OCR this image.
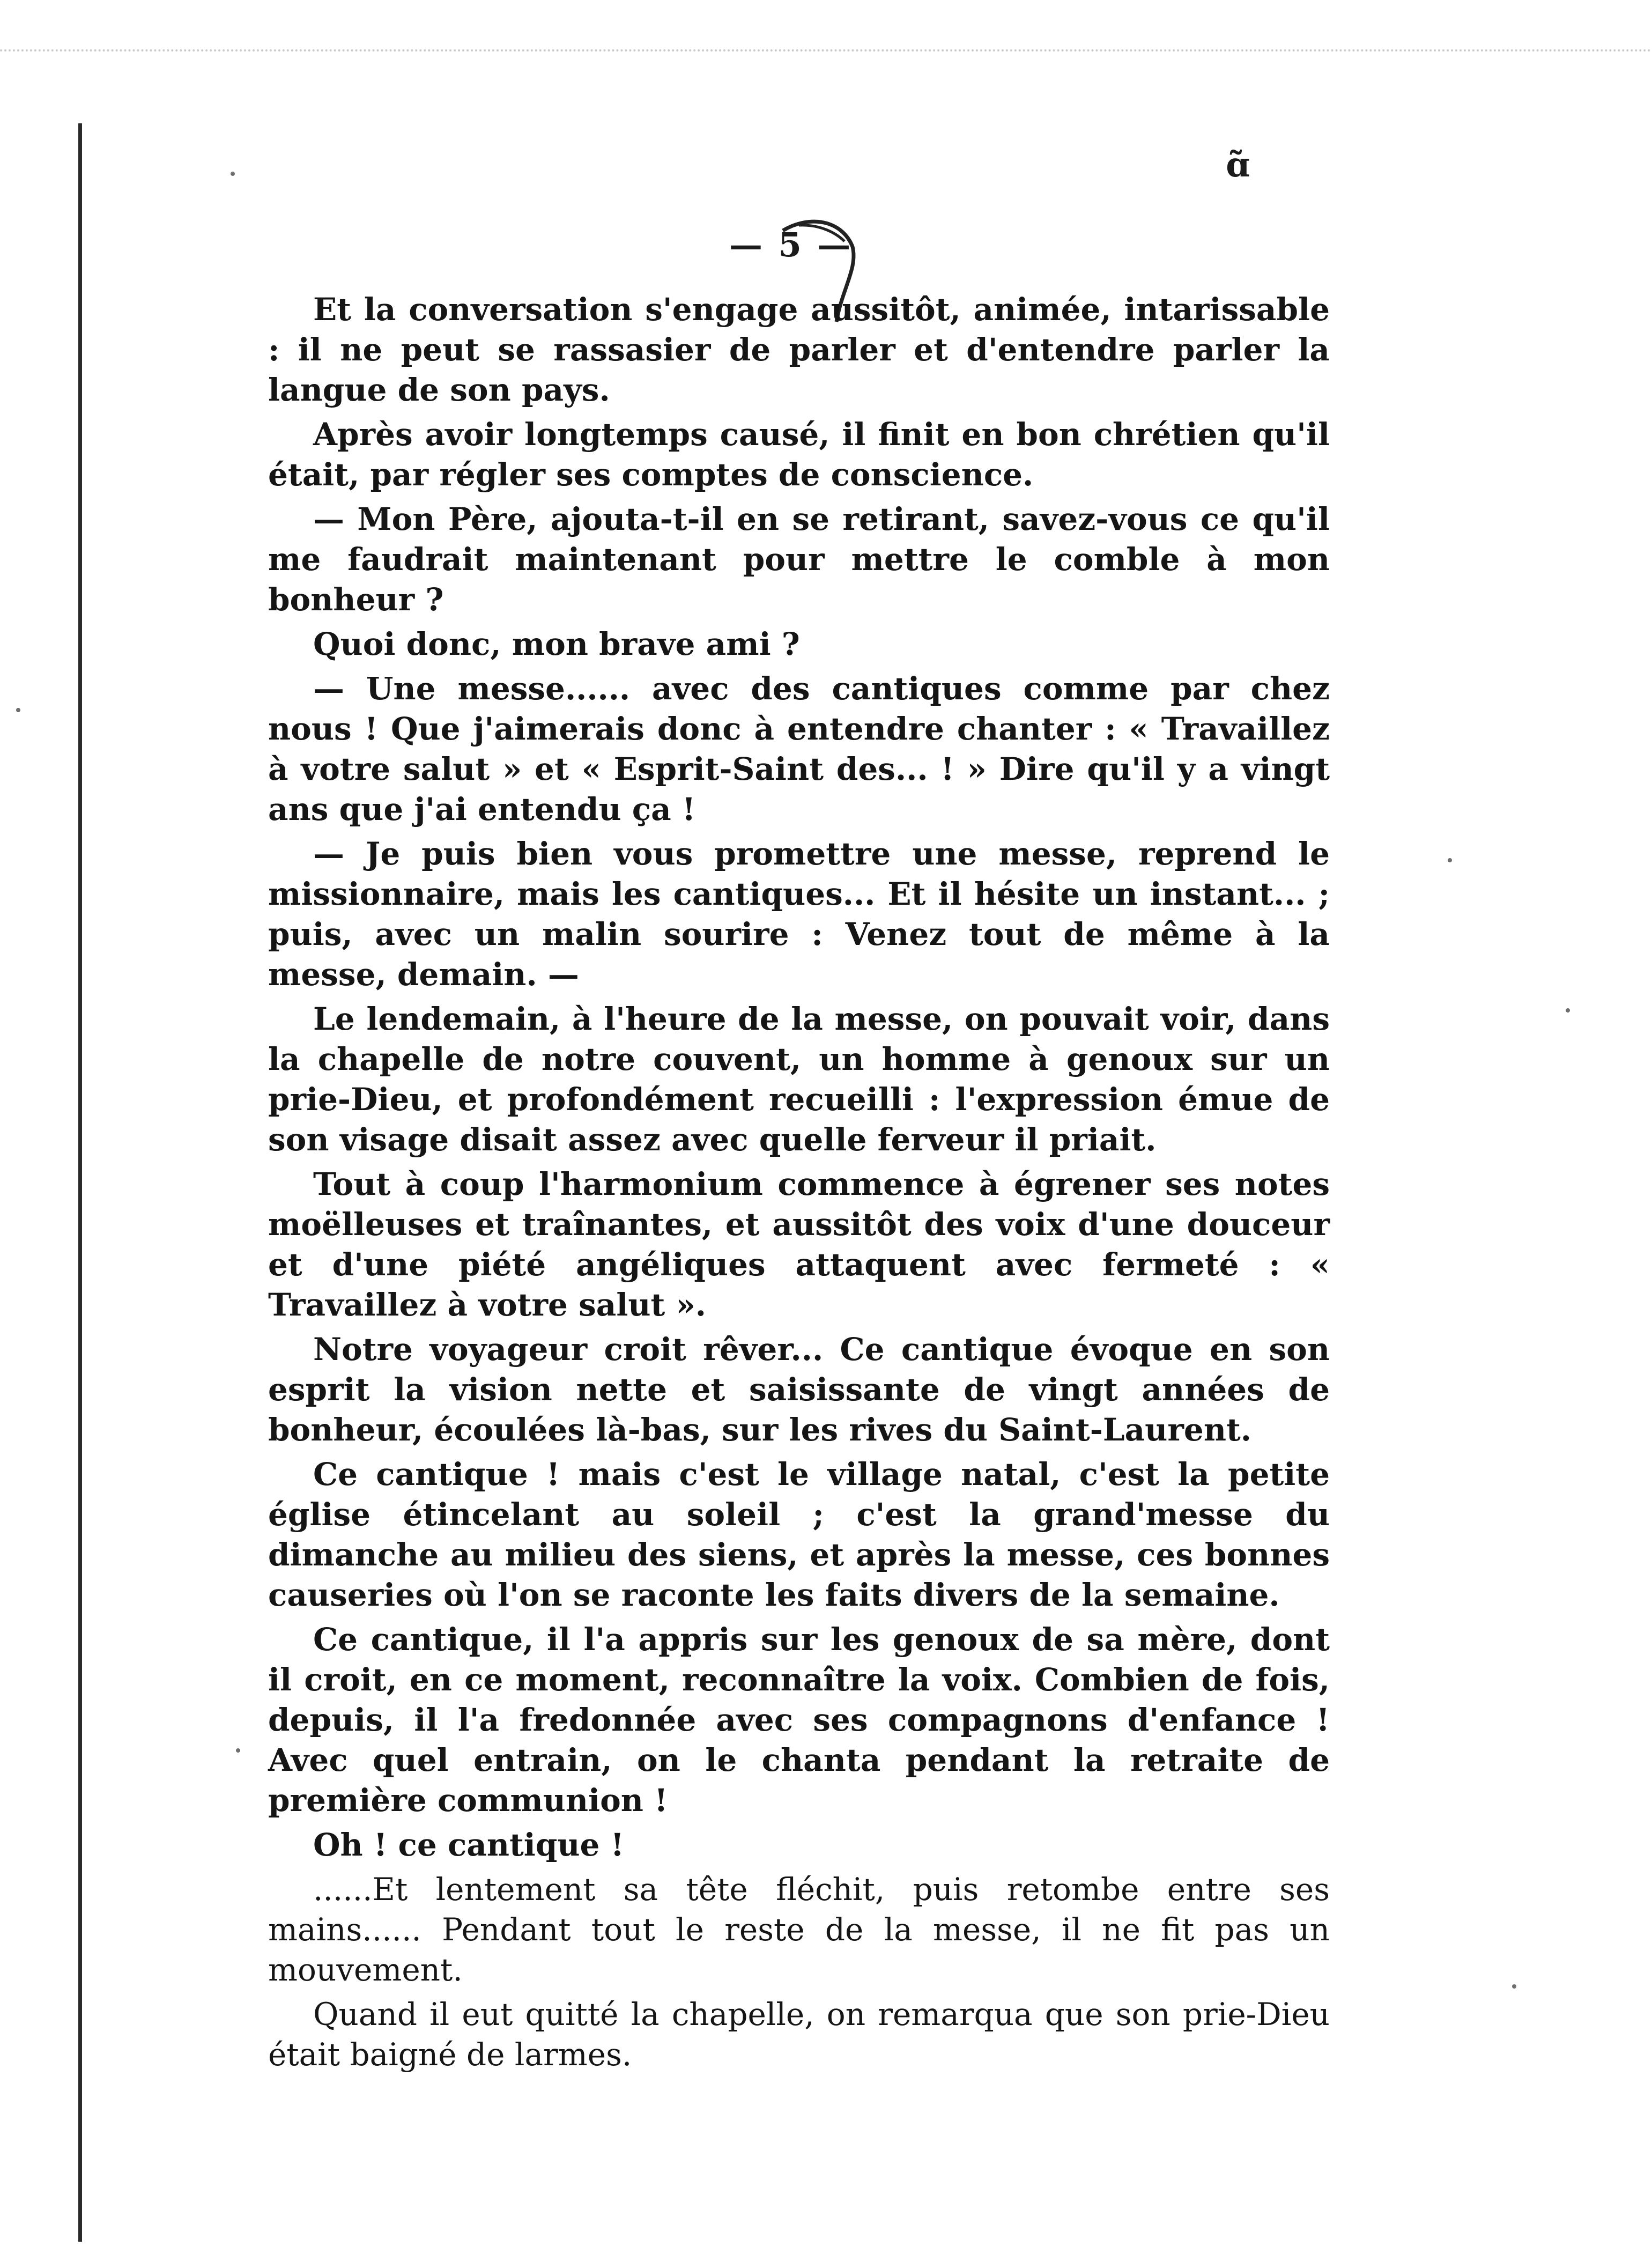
ɑ̃
— 5 —

Et la conversation s'engage aussitôt, animée, intarissable : il ne peut se rassasier de parler et d'entendre parler la langue de son pays.

Après avoir longtemps causé, il finit en bon chrétien qu'il était, par régler ses comptes de conscience.

— Mon Père, ajouta-t-il en se retirant, savez-vous ce qu'il me faudrait maintenant pour mettre le comble à mon bonheur ?

Quoi donc, mon brave ami ?

— Une messe...... avec des cantiques comme par chez nous ! Que j'aimerais donc à entendre chanter : « Travaillez à votre salut » et « Esprit-Saint des... ! » Dire qu'il y a vingt ans que j'ai entendu ça !

— Je puis bien vous promettre une messe, reprend le missionnaire, mais les cantiques... Et il hésite un instant... ; puis, avec un malin sourire : Venez tout de même à la messe, demain. —

Le lendemain, à l'heure de la messe, on pouvait voir, dans la chapelle de notre couvent, un homme à genoux sur un prie-Dieu, et profondément recueilli : l'expression émue de son visage disait assez avec quelle ferveur il priait.

Tout à coup l'harmonium commence à égrener ses notes moëlleuses et traînantes, et aussitôt des voix d'une douceur et d'une piété angéliques attaquent avec fermeté : « Travaillez à votre salut ».

Notre voyageur croit rêver... Ce cantique évoque en son esprit la vision nette et saisissante de vingt années de bonheur, écoulées là-bas, sur les rives du Saint-Laurent.

Ce cantique ! mais c'est le village natal, c'est la petite église étincelant au soleil ; c'est la grand'messe du dimanche au milieu des siens, et après la messe, ces bonnes causeries où l'on se raconte les faits divers de la semaine.

Ce cantique, il l'a appris sur les genoux de sa mère, dont il croit, en ce moment, reconnaître la voix. Combien de fois, depuis, il l'a fredonnée avec ses compagnons d'enfance ! Avec quel entrain, on le chanta pendant la retraite de première communion !

Oh ! ce cantique !

......Et lentement sa tête fléchit, puis retombe entre ses mains...... Pendant tout le reste de la messe, il ne fit pas un mouvement.

Quand il eut quitté la chapelle, on remarqua que son prie-Dieu était baigné de larmes.
